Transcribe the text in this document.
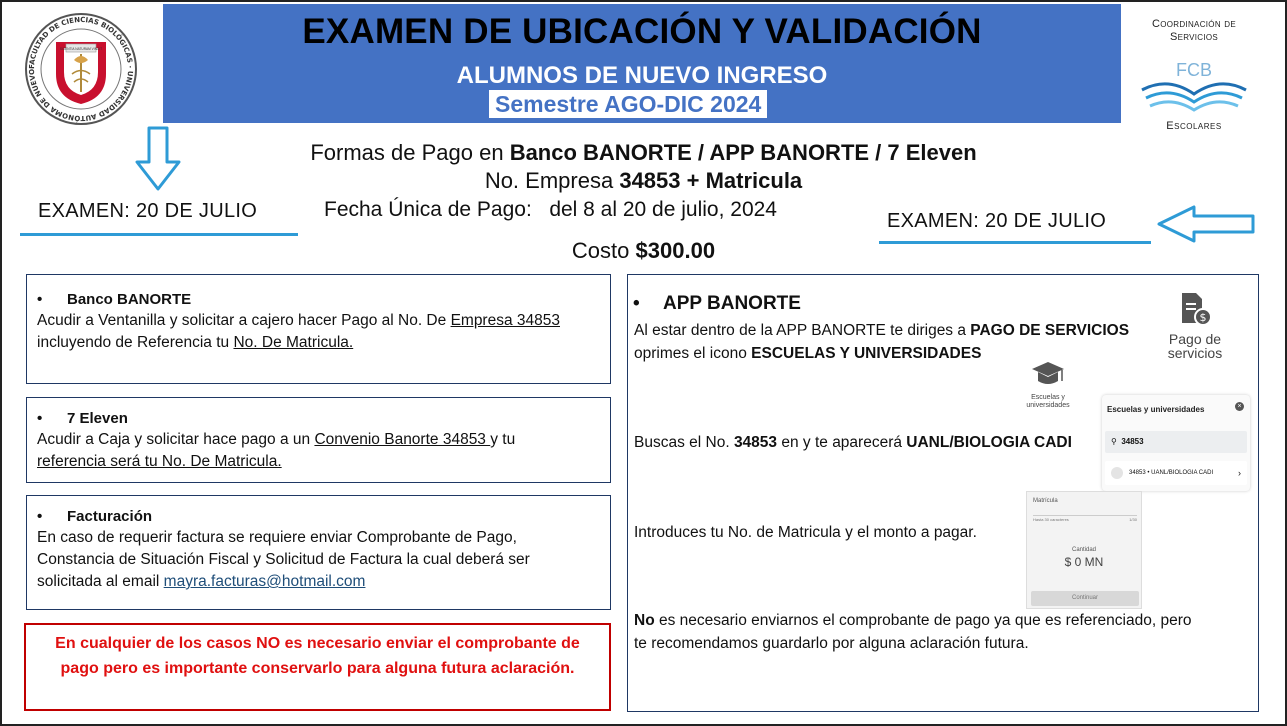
FACULTAD DE CIENCIAS BIOLÓGICAS · UNIVERSIDAD AUTÓNOMA DE NUEVO
SCIENTIA NATURAM VINCIT	EXAMEN DE UBICACIÓN Y VALIDACIÓN
ALUMNOS DE NUEVO INGRESO
Semestre AGO-DIC 2024
Coordinación de Servicios
FCB
Escolares
EXAMEN: 20 DE JULIO	EXAMEN: 20 DE JULIO
Formas de Pago en Banco BANORTE / APP BANORTE / 7 Eleven
No. Empresa 34853 + Matricula
Fecha Única de Pago: del 8 al 20 de julio, 2024
Costo $300.00
• Banco BANORTE
Acudir a Ventanilla y solicitar a cajero hacer Pago al No. De Empresa 34853
incluyendo de Referencia tu No. De Matricula.
• 7 Eleven
Acudir a Caja y solicitar hace pago a un Convenio Banorte 34853 y tu
referencia será tu No. De Matricula.
• Facturación
En caso de requerir factura se requiere enviar Comprobante de Pago,
Constancia de Situación Fiscal y Solicitud de Factura la cual deberá ser
solicitada al email mayra.facturas@hotmail.com
En cualquier de los casos NO es necesario enviar el comprobante de pago pero es importante conservarlo para alguna futura aclaración.
• APP BANORTE
Al estar dentro de la APP BANORTE te diriges a PAGO DE SERVICIOS
oprimes el icono ESCUELAS Y UNIVERSIDADES
$
Pago de
servicios
Escuelas y
universidades	Escuelas y universidades	×
⚲ 34853
34853 • UANL/BIOLOGIA CADI	›
Buscas el No. 34853 en y te aparecerá UANL/BIOLOGIA CADI
Matrícula
Hasta 30 caracteres	1/30
Cantidad
$ 0 MN
Continuar
Introduces tu No. de Matricula y el monto a pagar.
No es necesario enviarnos el comprobante de pago ya que es referenciado, pero
te recomendamos guardarlo por alguna aclaración futura.
